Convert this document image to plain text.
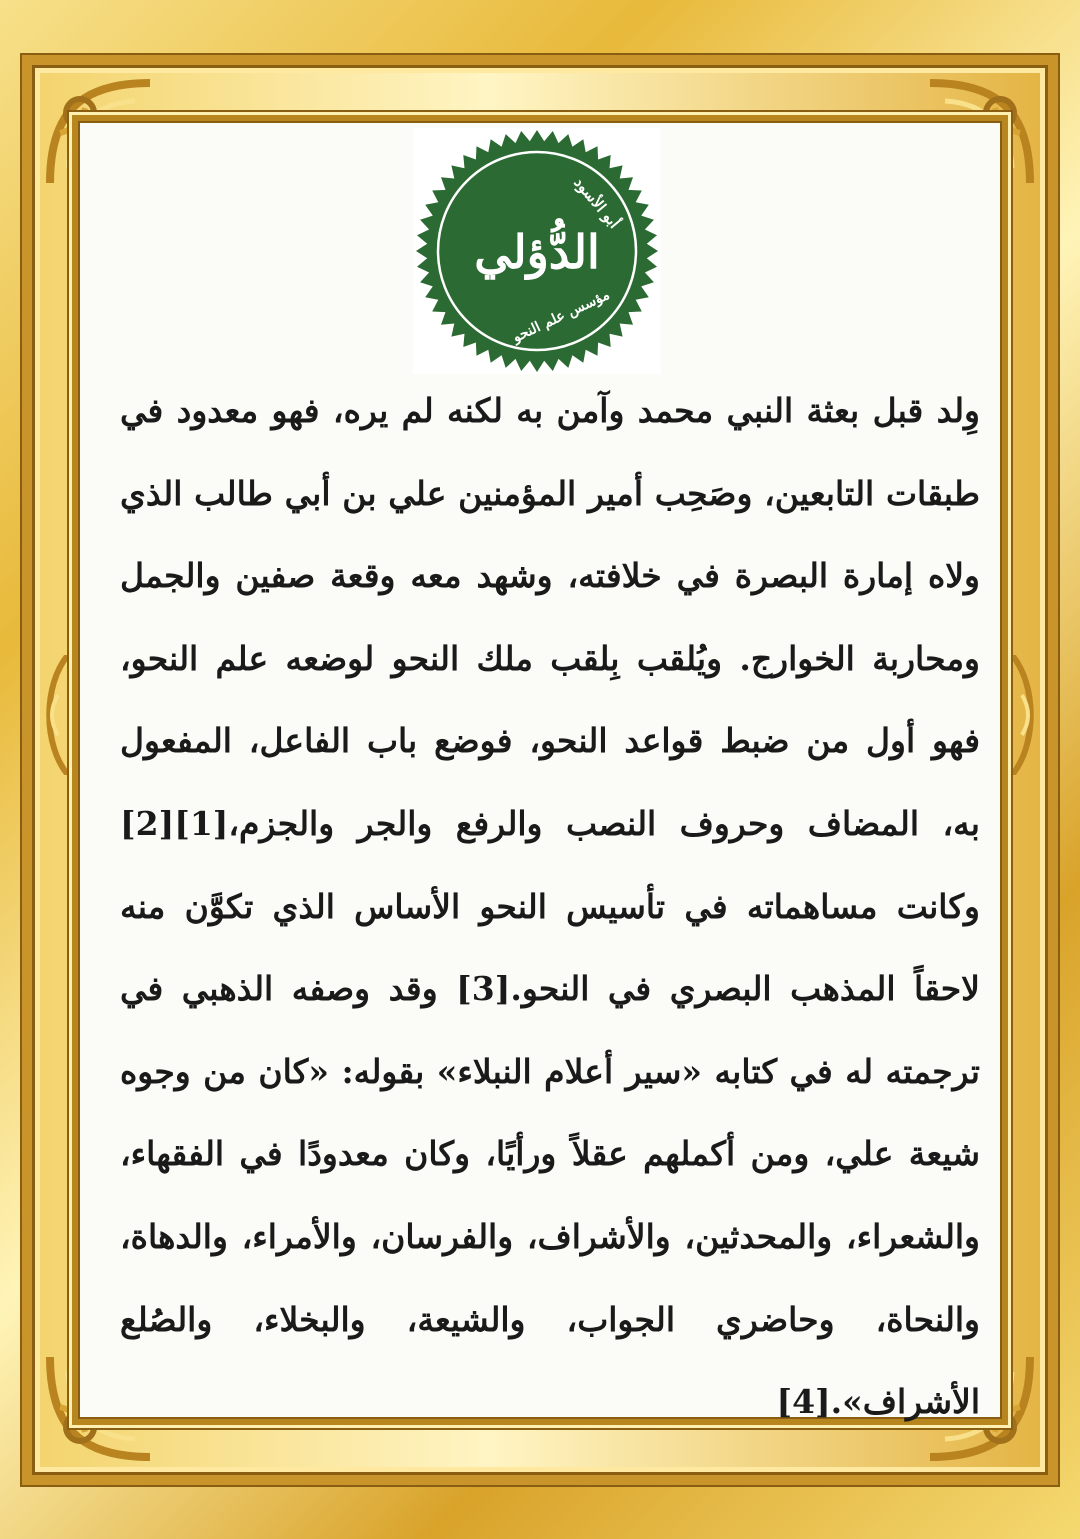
أبو الأسود
الدُّؤلي
مؤسس علم النحو

وِلد قبل بعثة النبي محمد وآمن به لكنه لم يره، فهو معدود في طبقات التابعين، وصَحِب أمير المؤمنين علي بن أبي طالب الذي ولاه إمارة البصرة في خلافته، وشهد معه وقعة صفين والجمل ومحاربة الخوارج. ويُلقب بِلقب ملك النحو لوضعه علم النحو، فهو أول من ضبط قواعد النحو، فوضع باب الفاعل، المفعول به، المضاف وحروف النصب والرفع والجر والجزم،[1][2] وكانت مساهماته في تأسيس النحو الأساس الذي تكوَّن منه لاحقاً المذهب البصري في النحو.[3] وقد وصفه الذهبي في ترجمته له في كتابه «سير أعلام النبلاء» بقوله: «كان من وجوه شيعة علي، ومن أكملهم عقلاً ورأيًا، وكان معدودًا في الفقهاء، والشعراء، والمحدثين، والأشراف، والفرسان، والأمراء، والدهاة، والنحاة، وحاضري الجواب، والشيعة، والبخلاء، والصُلع الأشراف».[4]
